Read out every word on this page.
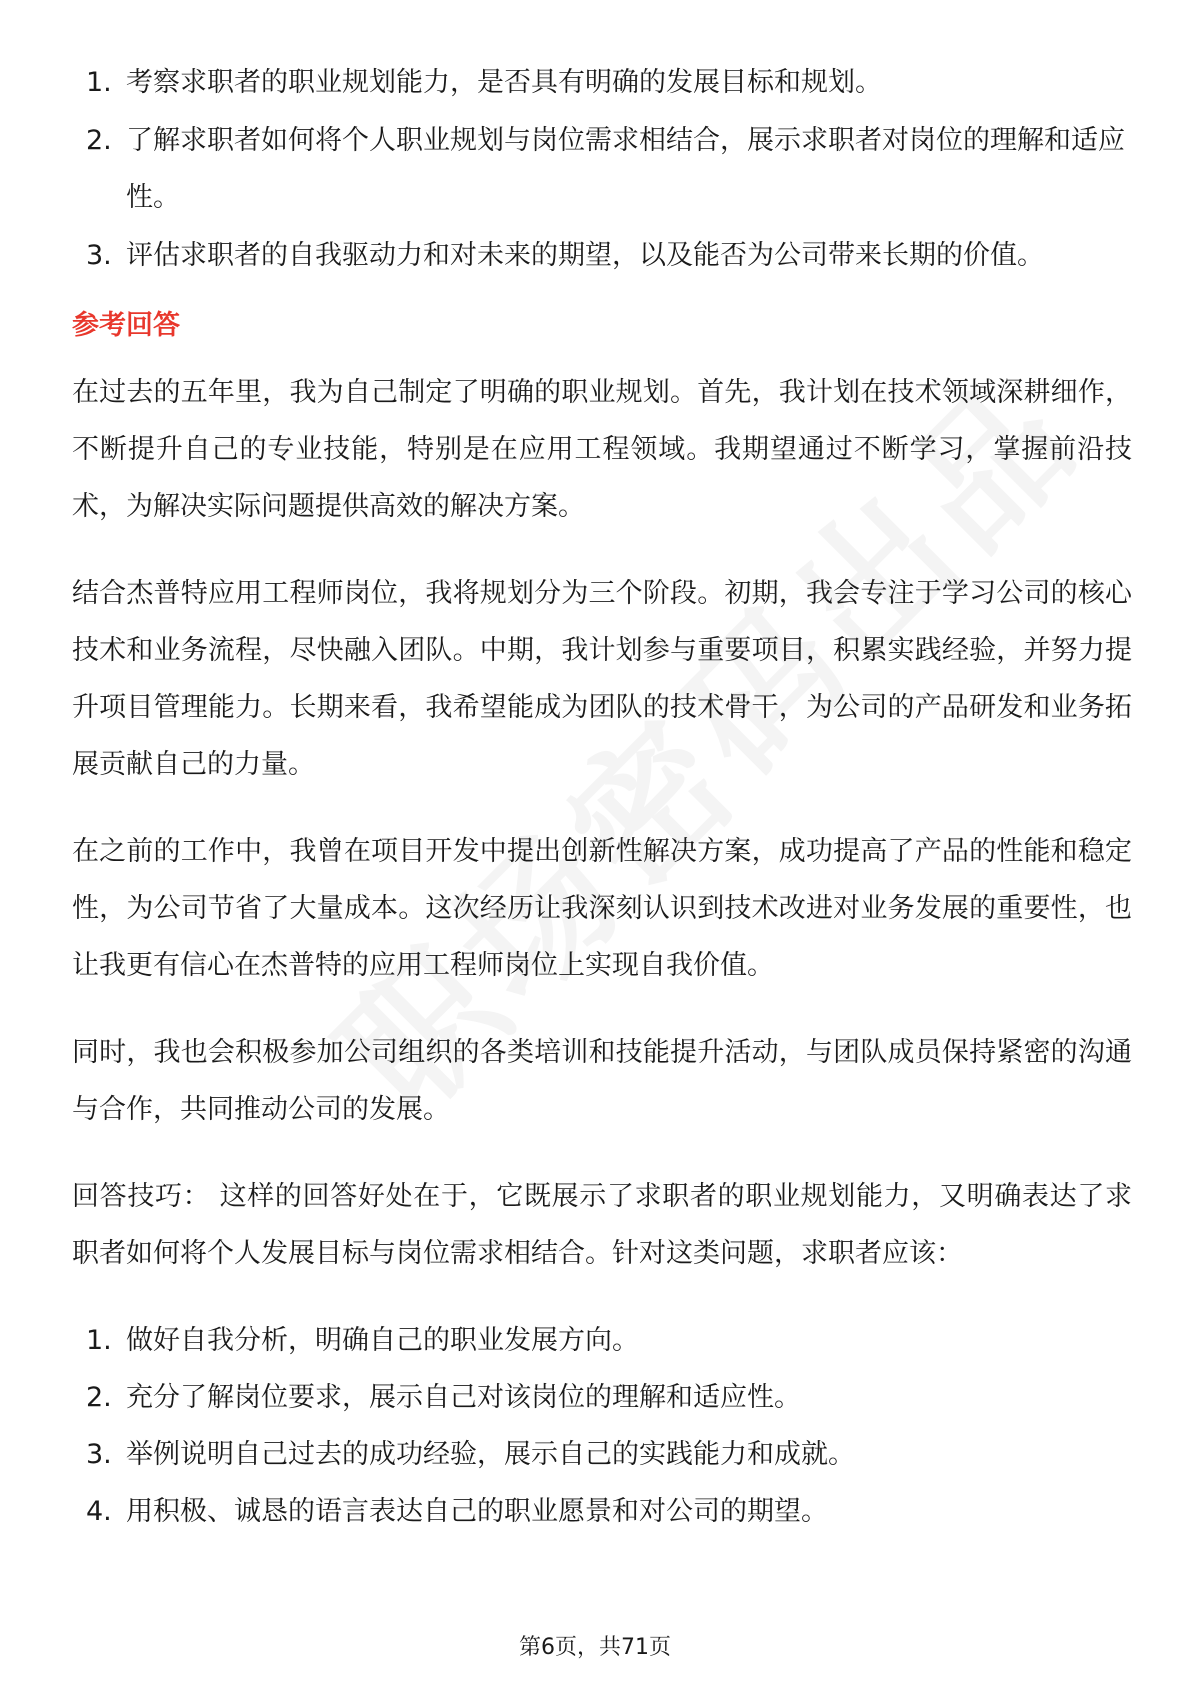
1. 考察求职者的职业规划能力，是否具有明确的发展目标和规划。
2. 了解求职者如何将个人职业规划与岗位需求相结合，展示求职者对岗位的理解和适应性。
3. 评估求职者的自我驱动力和对未来的期望，以及能否为公司带来长期的价值。
参考回答

在过去的五年里，我为自己制定了明确的职业规划。首先，我计划在技术领域深耕细作，不断提升自己的专业技能，特别是在应用工程领域。我期望通过不断学习，掌握前沿技术，为解决实际问题提供高效的解决方案。

结合杰普特应用工程师岗位，我将规划分为三个阶段。初期，我会专注于学习公司的核心技术和业务流程，尽快融入团队。中期，我计划参与重要项目，积累实践经验，并努力提升项目管理能力。长期来看，我希望能成为团队的技术骨干，为公司的产品研发和业务拓展贡献自己的力量。

在之前的工作中，我曾在项目开发中提出创新性解决方案，成功提高了产品的性能和稳定性，为公司节省了大量成本。这次经历让我深刻认识到技术改进对业务发展的重要性，也让我更有信心在杰普特的应用工程师岗位上实现自我价值。

同时，我也会积极参加公司组织的各类培训和技能提升活动，与团队成员保持紧密的沟通与合作，共同推动公司的发展。

回答技巧： 这样的回答好处在于，它既展示了求职者的职业规划能力，又明确表达了求职者如何将个人发展目标与岗位需求相结合。针对这类问题，求职者应该：

1. 做好自我分析，明确自己的职业发展方向。
2. 充分了解岗位要求，展示自己对该岗位的理解和适应性。
3. 举例说明自己过去的成功经验，展示自己的实践能力和成就。
4. 用积极、诚恳的语言表达自己的职业愿景和对公司的期望。
第6页，共71页
